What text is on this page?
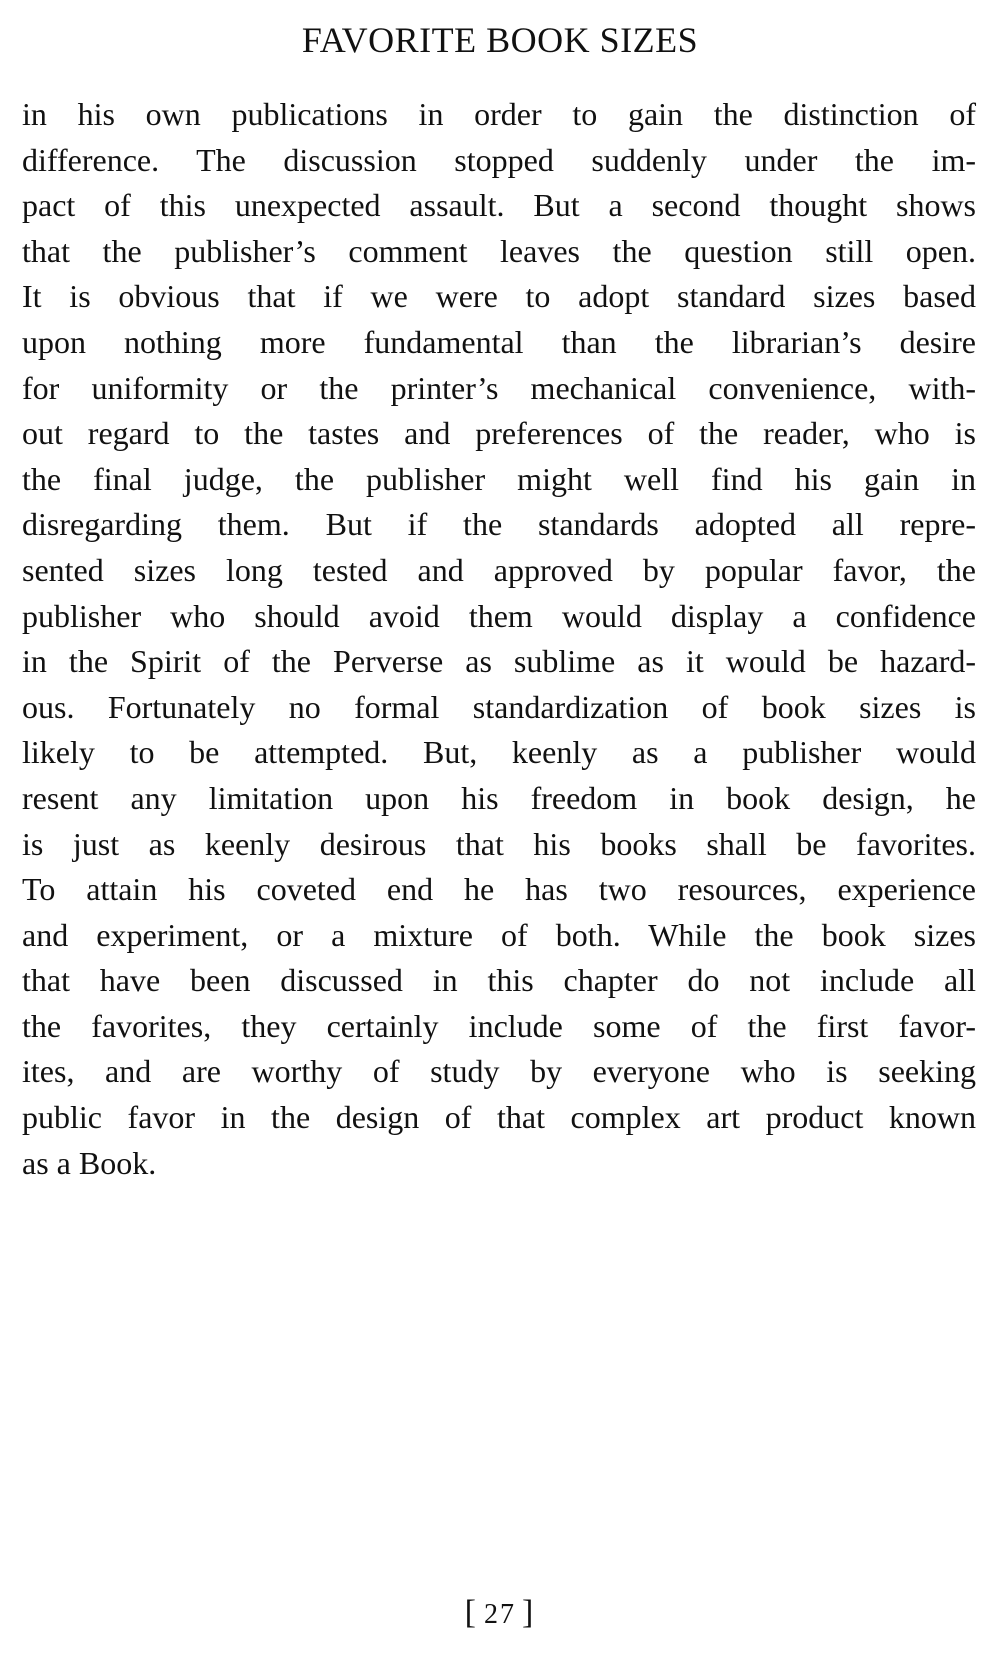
FAVORITE BOOK SIZES
in his own publications in order to gain the distinction of
difference. The discussion stopped suddenly under the im-
pact of this unexpected assault. But a second thought shows
that the publisher’s comment leaves the question still open.
It is obvious that if we were to adopt standard sizes based
upon nothing more fundamental than the librarian’s desire
for uniformity or the printer’s mechanical convenience, with-
out regard to the tastes and preferences of the reader, who is
the final judge, the publisher might well find his gain in
disregarding them. But if the standards adopted all repre-
sented sizes long tested and approved by popular favor, the
publisher who should avoid them would display a confidence
in the Spirit of the Perverse as sublime as it would be hazard-
ous. Fortunately no formal standardization of book sizes is
likely to be attempted. But, keenly as a publisher would
resent any limitation upon his freedom in book design, he
is just as keenly desirous that his books shall be favorites.
To attain his coveted end he has two resources, experience
and experiment, or a mixture of both. While the book sizes
that have been discussed in this chapter do not include all
the favorites, they certainly include some of the first favor-
ites, and are worthy of study by everyone who is seeking
public favor in the design of that complex art product known
as a Book.
[ 27 ]
